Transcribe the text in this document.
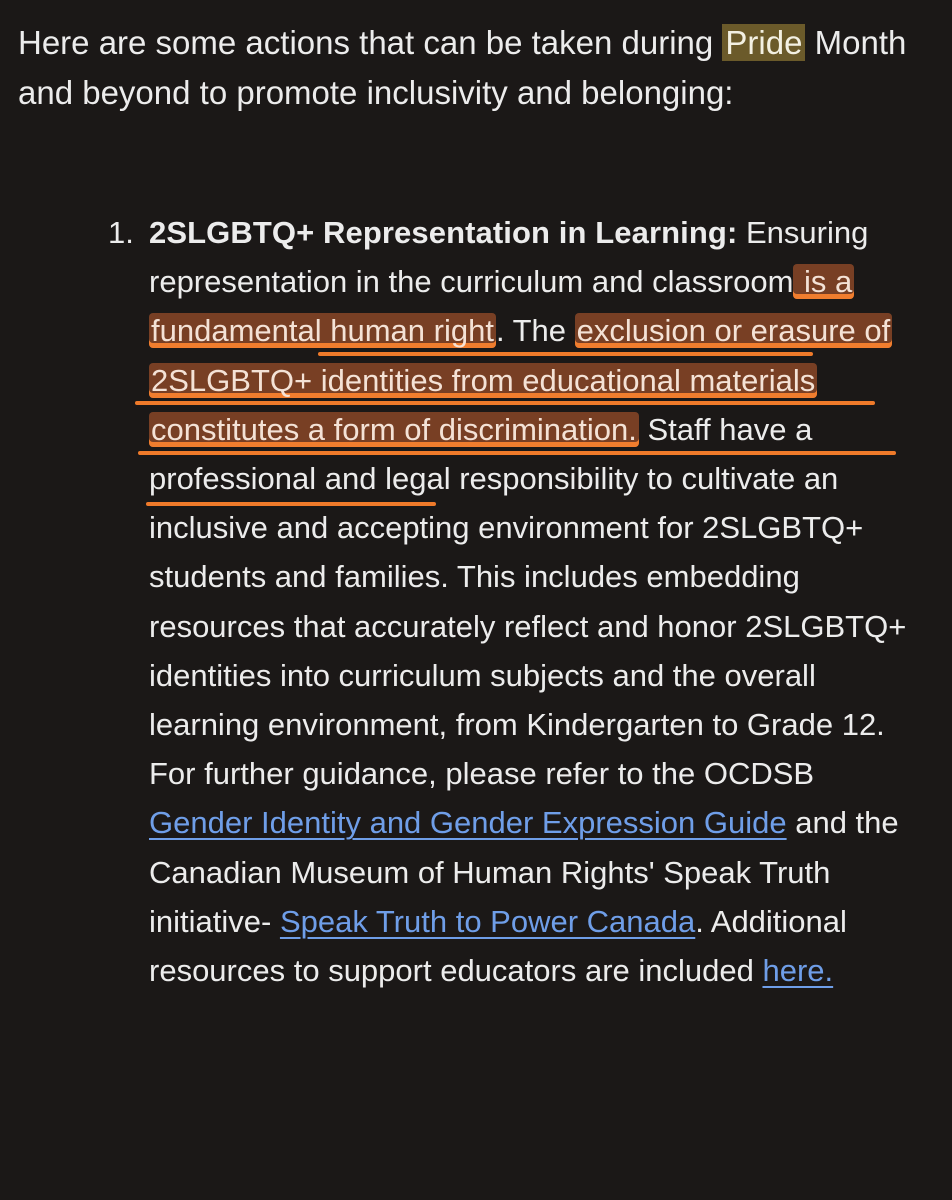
Here are some actions that can be taken during Pride Month and beyond to promote inclusivity and belonging:

1. 2SLGBTQ+ Representation in Learning: Ensuring representation in the curriculum and classroom is a fundamental human right. The exclusion or erasure of 2SLGBTQ+ identities from educational materials constitutes a form of discrimination. Staff have a professional and legal responsibility to cultivate an inclusive and accepting environment for 2SLGBTQ+ students and families. This includes embedding resources that accurately reflect and honor 2SLGBTQ+ identities into curriculum subjects and the overall learning environment, from Kindergarten to Grade 12. For further guidance, please refer to the OCDSB Gender Identity and Gender Expression Guide and the Canadian Museum of Human Rights' Speak Truth initiative- Speak Truth to Power Canada. Additional resources to support educators are included here.
